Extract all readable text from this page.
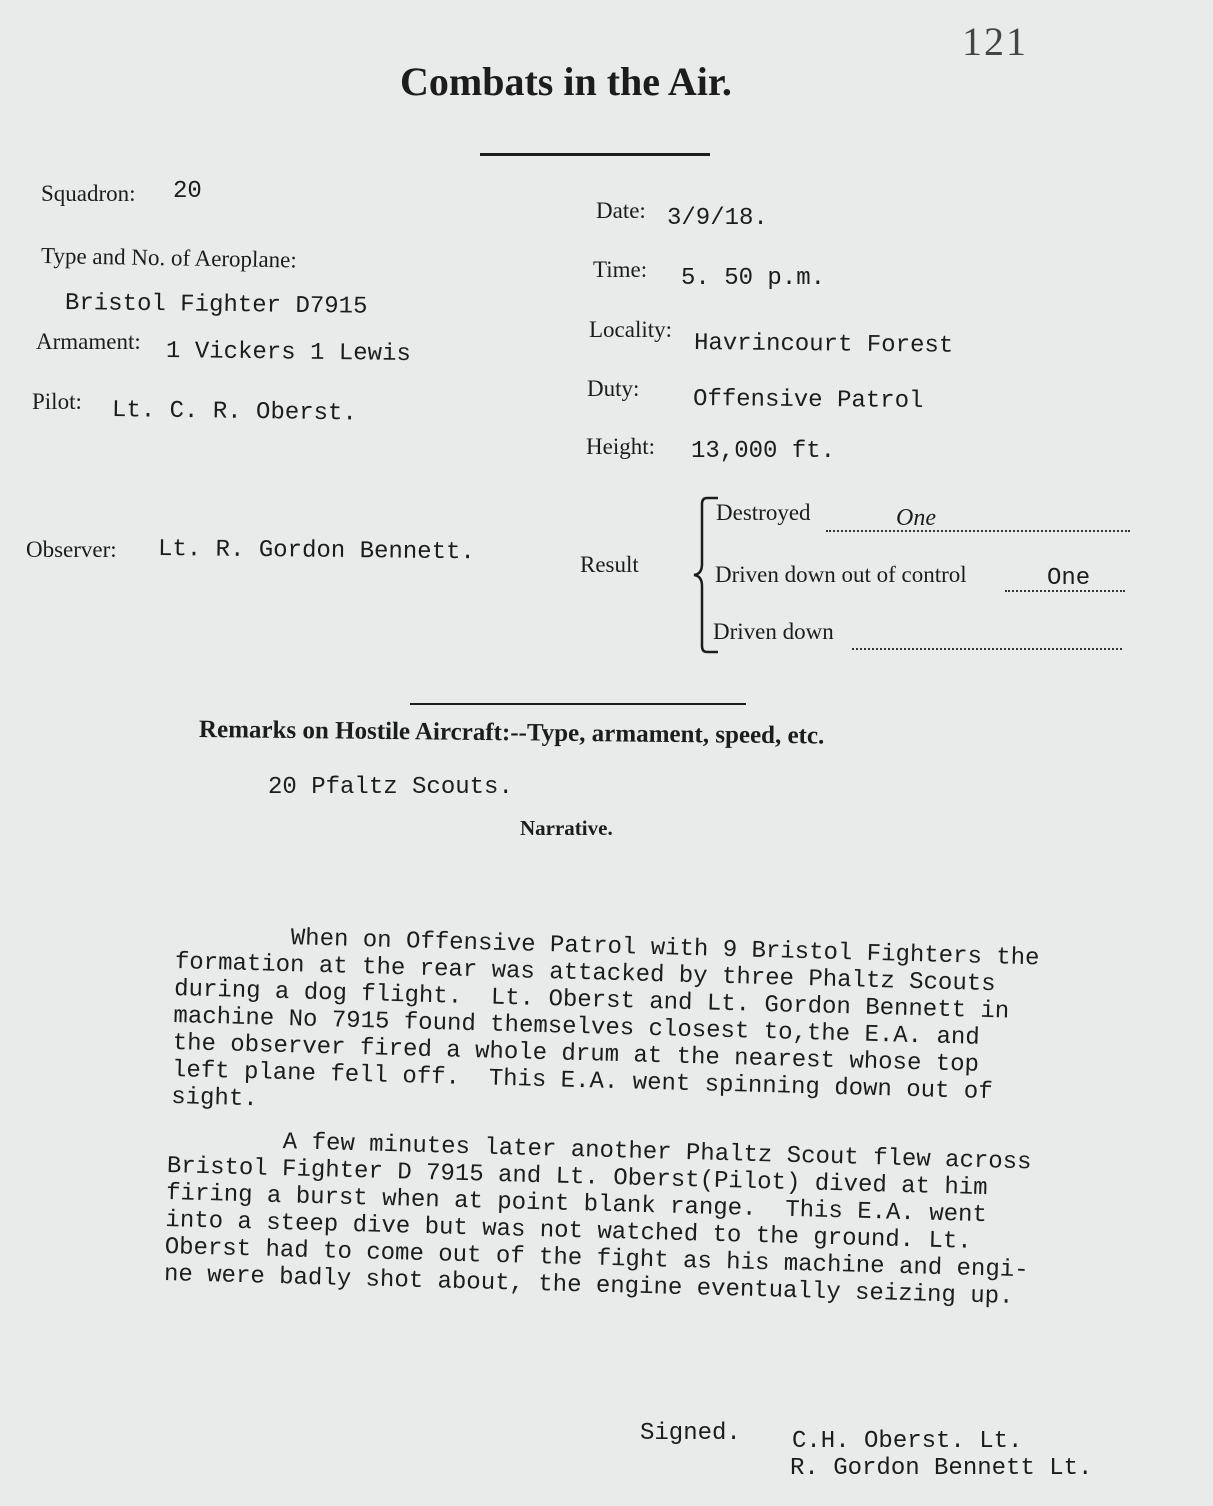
121
Combats in the Air.
Squadron: 20
Type and No. of Aeroplane:
Bristol Fighter D7915
Armament: 1 Vickers 1 Lewis
Pilot: Lt. C. R. Oberst.
Observer: Lt. R. Gordon Bennett.
Date: 3/9/18.
Time: 5. 50 p.m.
Locality:
Havrincourt Forest
Duty: Offensive Patrol
Height: 13,000 ft.
Result
Destroyed	One
Driven down out of control	One
Driven down
Remarks on Hostile Aircraft:--Type, armament, speed, etc.
20 Pfaltz Scouts.
Narrative.

When on Offensive Patrol with 9 Bristol Fighters the
formation at the rear was attacked by three Phaltz Scouts
during a dog flight.  Lt. Oberst and Lt. Gordon Bennett in
machine No 7915 found themselves closest to,the E.A. and
the observer fired a whole drum at the nearest whose top
left plane fell off.  This E.A. went spinning down out of
sight.

A few minutes later another Phaltz Scout flew across
Bristol Fighter D 7915 and Lt. Oberst(Pilot) dived at him
firing a burst when at point blank range.  This E.A. went
into a steep dive but was not watched to the ground. Lt.
Oberst had to come out of the fight as his machine and engi-
ne were badly shot about, the engine eventually seizing up.

Signed. C.H. Oberst. Lt.
R. Gordon Bennett Lt.
